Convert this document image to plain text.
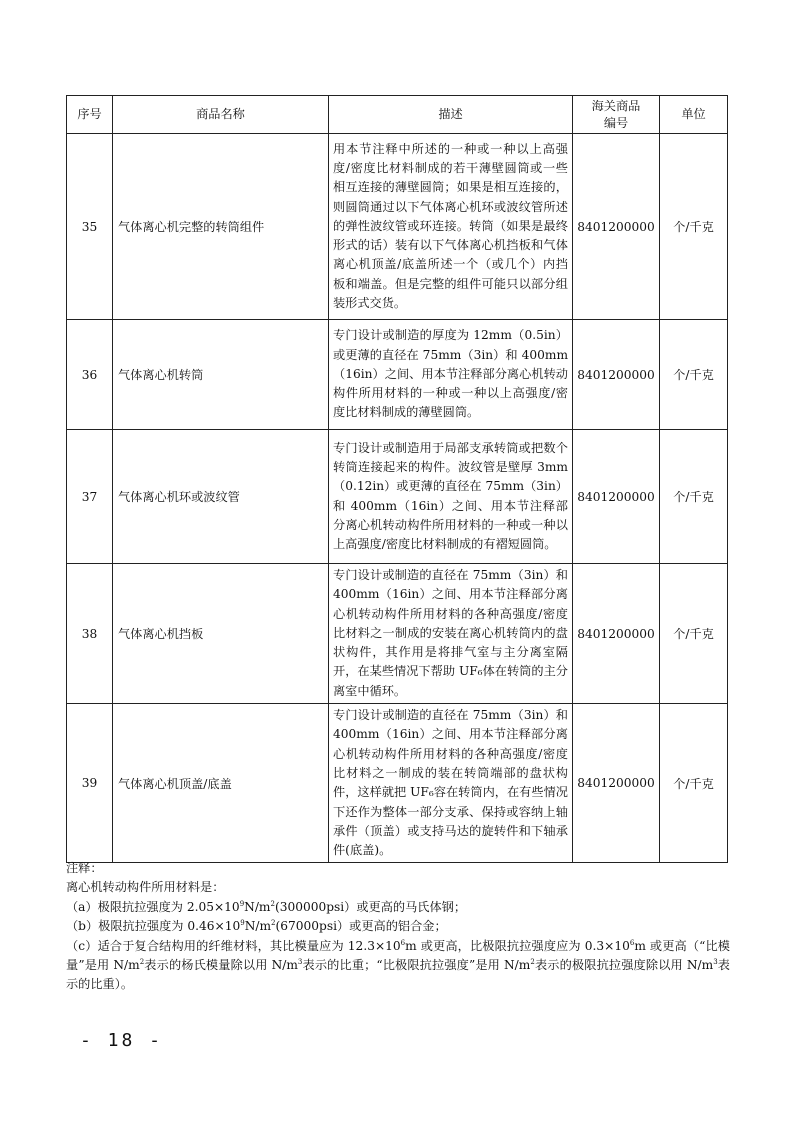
序号	商品名称	描述	海关商品编号	单位
35	气体离心机完整的转筒组件	用本节注释中所述的一种或一种以上高强度/密度比材料制成的若干薄壁圆筒或一些相互连接的薄壁圆筒；如果是相互连接的，则圆筒通过以下气体离心机环或波纹管所述的弹性波纹管或环连接。转筒（如果是最终形式的话）装有以下气体离心机挡板和气体离心机顶盖/底盖所述一个（或几个）内挡板和端盖。但是完整的组件可能只以部分组装形式交货。	8401200000	个/千克
36	气体离心机转筒	专门设计或制造的厚度为 12mm（0.5in）或更薄的直径在 75mm（3in）和 400mm（16in）之间、用本节注释部分离心机转动构件所用材料的一种或一种以上高强度/密度比材料制成的薄壁圆筒。	8401200000	个/千克
37	气体离心机环或波纹管	专门设计或制造用于局部支承转筒或把数个转筒连接起来的构件。波纹管是壁厚 3mm（0.12in）或更薄的直径在 75mm（3in）和 400mm（16in）之间、用本节注释部分离心机转动构件所用材料的一种或一种以上高强度/密度比材料制成的有褶短圆筒。	8401200000	个/千克
38	气体离心机挡板	专门设计或制造的直径在 75mm（3in）和 400mm（16in）之间、用本节注释部分离心机转动构件所用材料的各种高强度/密度比材料之一制成的安装在离心机转筒内的盘状构件，其作用是将排气室与主分离室隔开，在某些情况下帮助 UF₆体在转筒的主分离室中循环。	8401200000	个/千克
39	气体离心机顶盖/底盖	专门设计或制造的直径在 75mm（3in）和 400mm（16in）之间、用本节注释部分离心机转动构件所用材料的各种高强度/密度比材料之一制成的装在转筒端部的盘状构件，这样就把 UF₆容在转筒内，在有些情况下还作为整体一部分支承、保持或容纳上轴承件（顶盖）或支持马达的旋转件和下轴承件(底盖)。	8401200000	个/千克
注释：
离心机转动构件所用材料是：
（a）极限抗拉强度为 $2.05\times 10^9N/m^2(300000psi)$或更高的马氏体钢；
（b）极限抗拉强度为 $0.46\times 10^9N/m^2(67000psi)$或更高的铝合金；
（c）适合于复合结构用的纤维材料，其比模量应为 $12.3\times 10^6m$ 或更高，比极限抗拉强度应为 $0.3\times 10^6m$ 或更高（“比模量”是用 $N/m^2$表示的杨氏模量除以用 $N/m^3$表示的比重；“比极限抗拉强度”是用 $N/m^2$表示的极限抗拉强度除以用 $N/m^3$表示的比重）。
- 18 -
